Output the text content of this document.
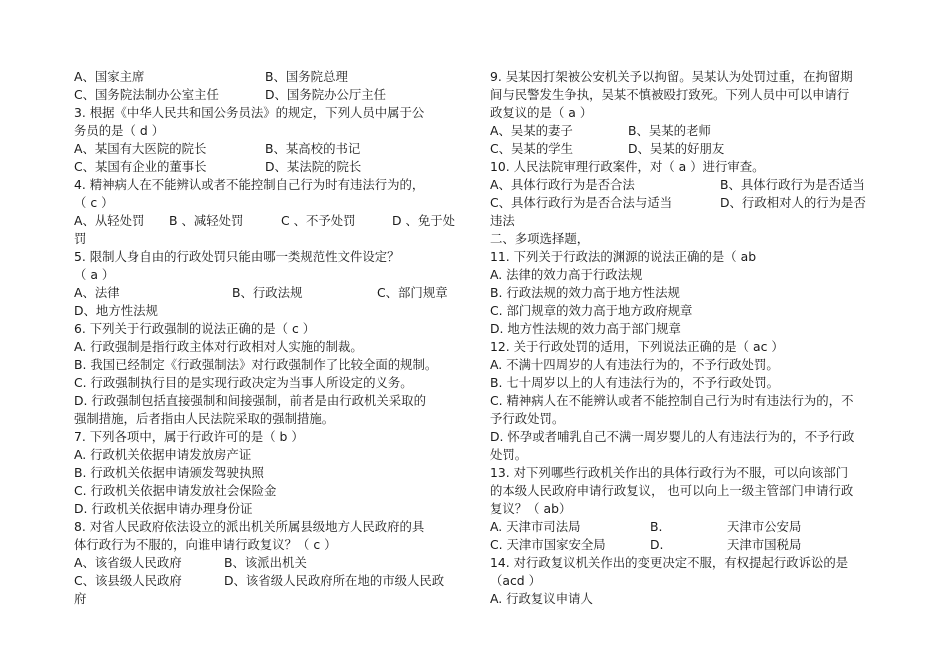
A、国家主席	B、国务院总理
C、国务院法制办公室主任	D、国务院办公厅主任
3. 根据《中华人民共和国公务员法》的规定，下列人员中属于公
务员的是（ d ）
A、某国有大医院的院长	B、某高校的书记
C、某国有企业的董事长	D、某法院的院长
4. 精神病人在不能辨认或者不能控制自己行为时有违法行为的，
（ c ）
A、从轻处罚 B 、减轻处罚	C 、不予处罚	D 、免于处
罚
5. 限制人身自由的行政处罚只能由哪一类规范性文件设定？
（ a ）
A、法律	B、行政法规	C、部门规章
D、地方性法规
6. 下列关于行政强制的说法正确的是（ c ）
A. 行政强制是指行政主体对行政相对人实施的制裁。
B. 我国已经制定《行政强制法》对行政强制作了比较全面的规制。
C. 行政强制执行目的是实现行政决定为当事人所设定的义务。
D. 行政强制包括直接强制和间接强制，前者是由行政机关采取的
强制措施，后者指由人民法院采取的强制措施。
7. 下列各项中，属于行政许可的是（ b ）
A. 行政机关依据申请发放房产证
B. 行政机关依据申请颁发驾驶执照
C. 行政机关依据申请发放社会保险金
D. 行政机关依据申请办理身份证
8. 对省人民政府依法设立的派出机关所属县级地方人民政府的具
体行政行为不服的，向谁申请行政复议？（ c ）
A、该省级人民政府	B、该派出机关
C、该县级人民政府	D、该省级人民政府所在地的市级人民政
府
9. 吴某因打架被公安机关予以拘留。吴某认为处罚过重，在拘留期
间与民警发生争执，吴某不慎被殴打致死。下列人员中可以申请行
政复议的是（ a ）
A、吴某的妻子	B、吴某的老师
C、吴某的学生	D、吴某的好朋友
10. 人民法院审理行政案件，对（ a ）进行审查。
A、具体行政行为是否合法	B、具体行政行为是否适当
C、具体行政行为是否合法与适当	D、行政相对人的行为是否
违法
二、多项选择题，
11. 下列关于行政法的渊源的说法正确的是（ ab
A. 法律的效力高于行政法规
B. 行政法规的效力高于地方性法规
C. 部门规章的效力高于地方政府规章
D. 地方性法规的效力高于部门规章
12. 关于行政处罚的适用，下列说法正确的是（ ac ）
A. 不满十四周岁的人有违法行为的，不予行政处罚。
B. 七十周岁以上的人有违法行为的，不予行政处罚。
C. 精神病人在不能辨认或者不能控制自己行为时有违法行为的，不
予行政处罚。
D. 怀孕或者哺乳自己不满一周岁婴儿的人有违法行为的，不予行政
处罚。
13. 对下列哪些行政机关作出的具体行政行为不服，可以向该部门
的本级人民政府申请行政复议， 也可以向上一级主管部门申请行政
复议？（ ab）
A. 天津市司法局	B.	天津市公安局
C. 天津市国家安全局	D.	天津市国税局
14. 对行政复议机关作出的变更决定不服，有权提起行政诉讼的是
（acd ）
A. 行政复议申请人
